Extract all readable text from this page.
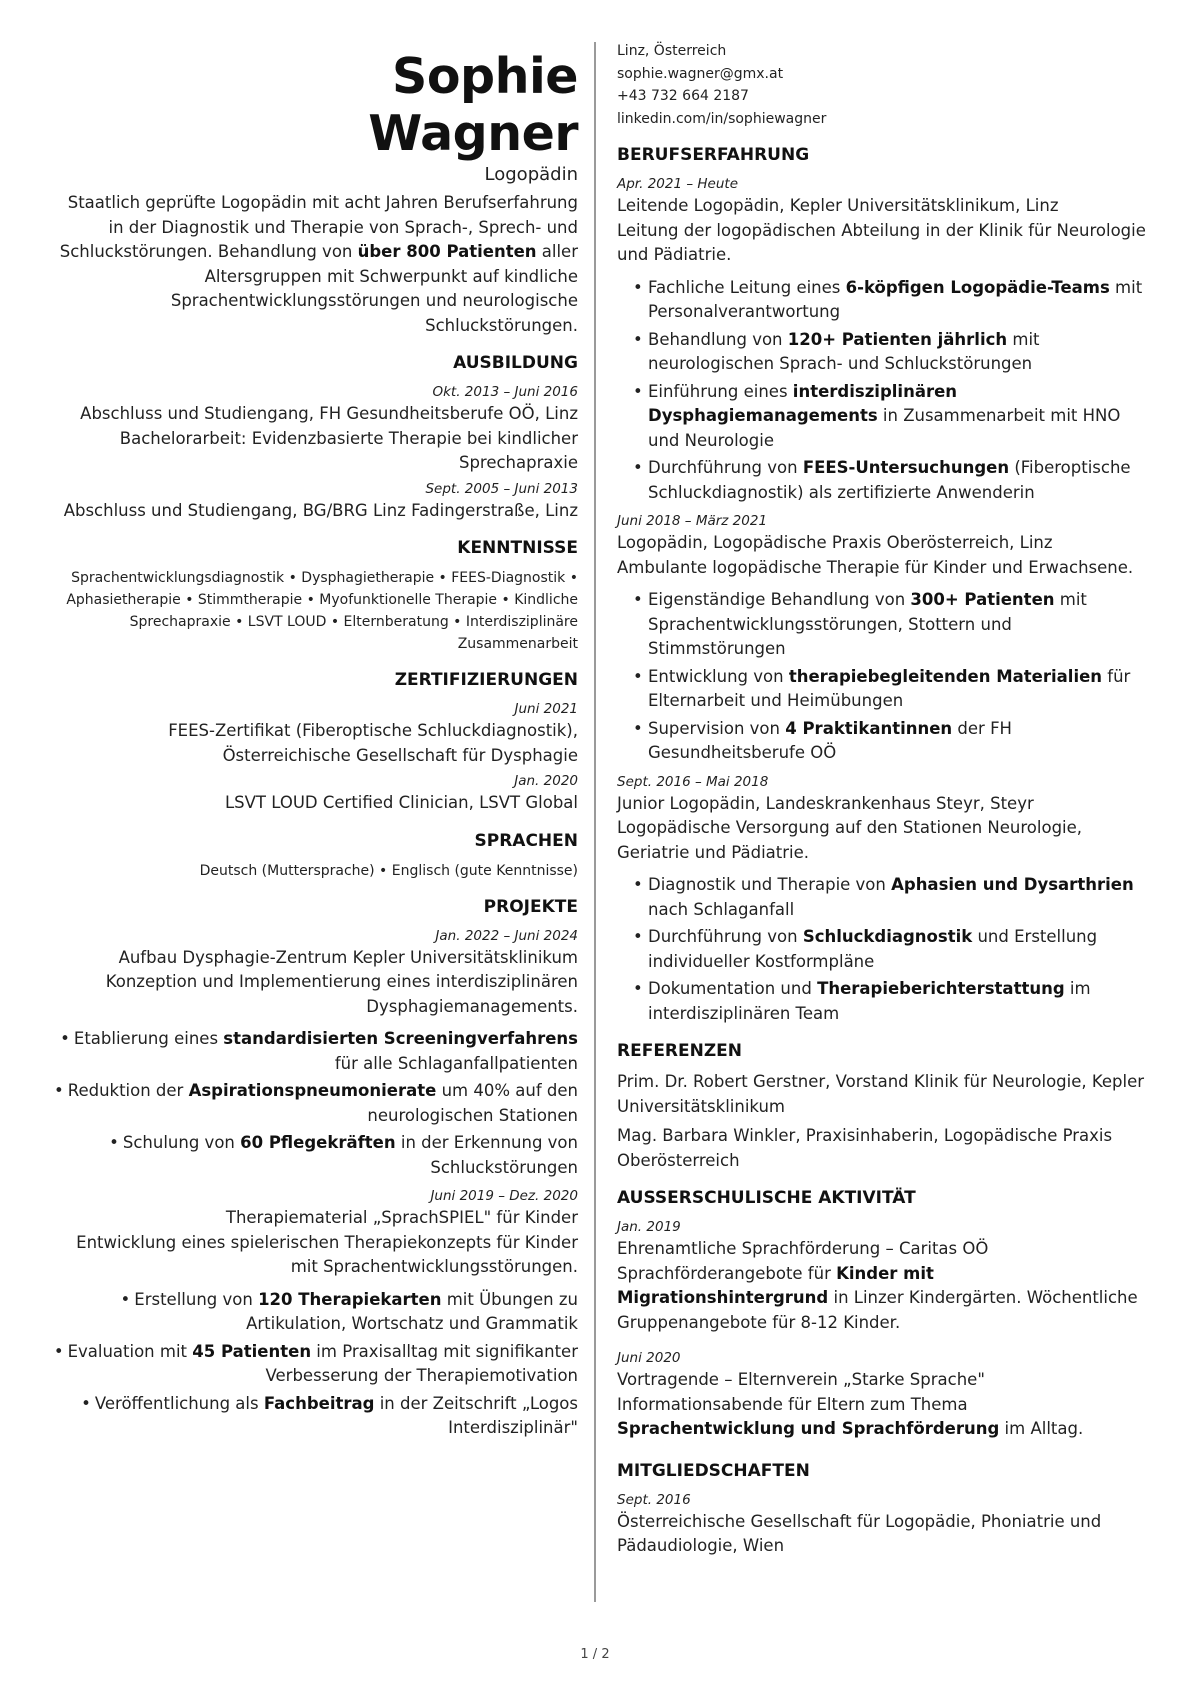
Sophie
Wagner
Logopädin
Staatlich geprüfte Logopädin mit acht Jahren Berufserfahrung in der Diagnostik und Therapie von Sprach-, Sprech- und Schluckstörungen. Behandlung von über 800 Patienten aller Altersgruppen mit Schwerpunkt auf kindliche Sprachentwicklungsstörungen und neurologische Schluckstörungen.
AUSBILDUNG
Okt. 2013 – Juni 2016
Abschluss und Studiengang, FH Gesundheitsberufe OÖ, Linz
Bachelorarbeit: Evidenzbasierte Therapie bei kindlicher Sprechapraxie
Sept. 2005 – Juni 2013
Abschluss und Studiengang, BG/BRG Linz Fadingerstraße, Linz
KENNTNISSE
Sprachentwicklungsdiagnostik • Dysphagietherapie • FEES-Diagnostik • Aphasietherapie • Stimmtherapie • Myofunktionelle Therapie • Kindliche Sprechapraxie • LSVT LOUD • Elternberatung • Interdisziplinäre Zusammenarbeit
ZERTIFIZIERUNGEN
Juni 2021
FEES-Zertifikat (Fiberoptische Schluckdiagnostik), Österreichische Gesellschaft für Dysphagie
Jan. 2020
LSVT LOUD Certified Clinician, LSVT Global
SPRACHEN
Deutsch (Muttersprache) • Englisch (gute Kenntnisse)
PROJEKTE
Jan. 2022 – Juni 2024
Aufbau Dysphagie-Zentrum Kepler Universitätsklinikum
Konzeption und Implementierung eines interdisziplinären Dysphagiemanagements.
• Etablierung eines standardisierten Screeningverfahrens für alle Schlaganfallpatienten
• Reduktion der Aspirationspneumonierate um 40% auf den neurologischen Stationen
• Schulung von 60 Pflegekräften in der Erkennung von Schluckstörungen
Juni 2019 – Dez. 2020
Therapiematerial „SprachSPIEL" für Kinder
Entwicklung eines spielerischen Therapiekonzepts für Kinder mit Sprachentwicklungsstörungen.
• Erstellung von 120 Therapiekarten mit Übungen zu Artikulation, Wortschatz und Grammatik
• Evaluation mit 45 Patienten im Praxisalltag mit signifikanter Verbesserung der Therapiemotivation
• Veröffentlichung als Fachbeitrag in der Zeitschrift „Logos Interdisziplinär"
Linz, Österreich
sophie.wagner@gmx.at
+43 732 664 2187
linkedin.com/in/sophiewagner
BERUFSERFAHRUNG
Apr. 2021 – Heute
Leitende Logopädin, Kepler Universitätsklinikum, Linz
Leitung der logopädischen Abteilung in der Klinik für Neurologie und Pädiatrie.
• Fachliche Leitung eines 6-köpfigen Logopädie-Teams mit Personalverantwortung
• Behandlung von 120+ Patienten jährlich mit neurologischen Sprach- und Schluckstörungen
• Einführung eines interdisziplinären Dysphagiemanagements in Zusammenarbeit mit HNO und Neurologie
• Durchführung von FEES-Untersuchungen (Fiberoptische Schluckdiagnostik) als zertifizierte Anwenderin
Juni 2018 – März 2021
Logopädin, Logopädische Praxis Oberösterreich, Linz
Ambulante logopädische Therapie für Kinder und Erwachsene.
• Eigenständige Behandlung von 300+ Patienten mit Sprachentwicklungsstörungen, Stottern und Stimmstörungen
• Entwicklung von therapiebegleitenden Materialien für Elternarbeit und Heimübungen
• Supervision von 4 Praktikantinnen der FH Gesundheitsberufe OÖ
Sept. 2016 – Mai 2018
Junior Logopädin, Landeskrankenhaus Steyr, Steyr
Logopädische Versorgung auf den Stationen Neurologie, Geriatrie und Pädiatrie.
• Diagnostik und Therapie von Aphasien und Dysarthrien nach Schlaganfall
• Durchführung von Schluckdiagnostik und Erstellung individueller Kostformpläne
• Dokumentation und Therapieberichterstattung im interdisziplinären Team
REFERENZEN
Prim. Dr. Robert Gerstner, Vorstand Klinik für Neurologie, Kepler Universitätsklinikum
Mag. Barbara Winkler, Praxisinhaberin, Logopädische Praxis Oberösterreich
AUSSERSCHULISCHE AKTIVITÄT
Jan. 2019
Ehrenamtliche Sprachförderung – Caritas OÖ
Sprachförderangebote für Kinder mit Migrationshintergrund in Linzer Kindergärten. Wöchentliche Gruppenangebote für 8-12 Kinder.
Juni 2020
Vortragende – Elternverein „Starke Sprache"
Informationsabende für Eltern zum Thema Sprachentwicklung und Sprachförderung im Alltag.
MITGLIEDSCHAFTEN
Sept. 2016
Österreichische Gesellschaft für Logopädie, Phoniatrie und Pädaudiologie, Wien
1 / 2
